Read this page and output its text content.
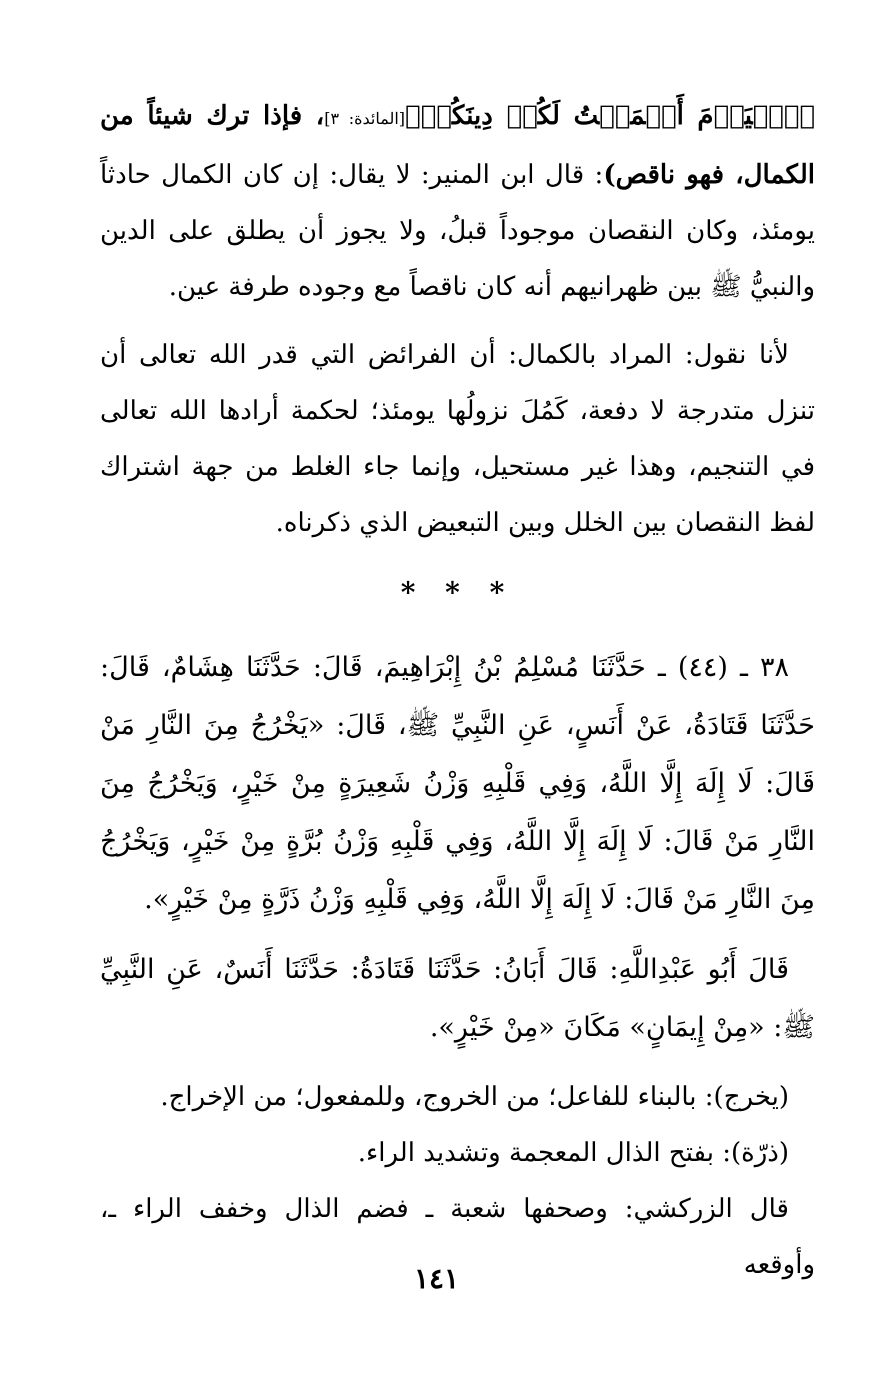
﴿ٱلۡيَوۡمَ أَكۡمَلۡتُ لَكُمۡ دِينَكُمۡ﴾[المائدة: ٣]، فإذا ترك شيئاً من الكمال، فهو ناقص): قال ابن المنير: لا يقال: إن كان الكمال حادثاً يومئذ، وكان النقصان موجوداً قبلُ، ولا يجوز أن يطلق على الدين والنبيُّ ﷺ بين ظهرانيهم أنه كان ناقصاً مع وجوده طرفة عين.

لأنا نقول: المراد بالكمال: أن الفرائض التي قدر الله تعالى أن تنزل متدرجة لا دفعة، كَمُلَ نزولُها يومئذ؛ لحكمة أرادها الله تعالى في التنجيم، وهذا غير مستحيل، وإنما جاء الغلط من جهة اشتراك لفظ النقصان بين الخلل وبين التبعيض الذي ذكرناه.

* * *

٣٨ ـ (٤٤) ـ حَدَّثَنَا مُسْلِمُ بْنُ إِبْرَاهِيمَ، قَالَ: حَدَّثَنَا هِشَامٌ، قَالَ: حَدَّثَنَا قَتَادَةُ، عَنْ أَنَسٍ، عَنِ النَّبِيِّ ﷺ، قَالَ: «يَخْرُجُ مِنَ النَّارِ مَنْ قَالَ: لَا إِلَهَ إِلَّا اللَّهُ، وَفِي قَلْبِهِ وَزْنُ شَعِيرَةٍ مِنْ خَيْرٍ، وَيَخْرُجُ مِنَ النَّارِ مَنْ قَالَ: لَا إِلَهَ إِلَّا اللَّهُ، وَفِي قَلْبِهِ وَزْنُ بُرَّةٍ مِنْ خَيْرٍ، وَيَخْرُجُ مِنَ النَّارِ مَنْ قَالَ: لَا إِلَهَ إِلَّا اللَّهُ، وَفِي قَلْبِهِ وَزْنُ ذَرَّةٍ مِنْ خَيْرٍ».

قَالَ أَبُو عَبْدِاللَّهِ: قَالَ أَبَانُ: حَدَّثَنَا قَتَادَةُ: حَدَّثَنَا أَنَسٌ، عَنِ النَّبِيِّ ﷺ: «مِنْ إِيمَانٍ» مَكَانَ «مِنْ خَيْرٍ».

(يخرج): بالبناء للفاعل؛ من الخروج، وللمفعول؛ من الإخراج.

(ذرّة): بفتح الذال المعجمة وتشديد الراء.

قال الزركشي: وصحفها شعبة ـ فضم الذال وخفف الراء ـ، وأوقعه

١٤١
